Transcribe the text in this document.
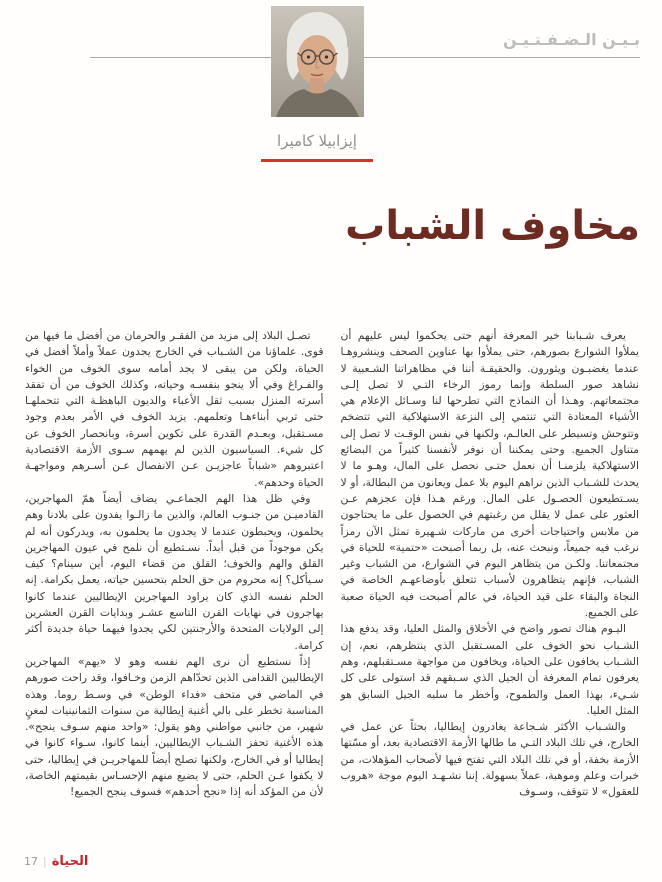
بـيـن الـضـفـتـيـن
إيزابيلا كاميرا
مخاوف الشباب

يعرف شـبابنا خير المعرفة أنهم حتى يحكموا ليس عليهم أن يملأوا الشوارع بصورهم، حتى يملأوا بها عناوين الصحف وينشروهـا عندما يغضبـون ويثورون. والحقيقـة أننا في مظاهراتنا الشـعبية لا نشاهد صور السلطة وإنما رموز الرخاء التـي لا تصل إلـى مجتمعاتهم. وهـذا أن النماذج التي تطرحها لنا وسـائل الإعلام هي الأشياء المعتادة التي تنتمي إلى النزعة الاستهلاكية التي تتضخم وتتوحش وتسيطر على العالـم، ولكنها في نفس الوقـت لا تصل إلى متناول الجميع. وحتى يمكننا أن نوفر لأنفسنا كثيراً من البضائع الاستهلاكية يلزمنـا أن نعمل حتـى نحصل على المال، وهـو ما لا يحدث للشـباب الذين نراهم اليوم بلا عمل ويعانون من البطالة، أو لا يسـتطيعون الحصـول على المال. ورغم هـذا فإن عجزهم عـن العثور على عمل لا يقلل من رغبتهم في الحصول على ما يحتاجون من ملابس واحتياجات أخرى من ماركات شـهيرة تمثل الآن رمزاً نرغب فيه جميعاً، ونبحث عنه، بل ربما أصبحت «حتمية» للحياة في مجتمعاتنا. ولكـن من يتظاهر اليوم في الشوارع، من الشباب وغير الشباب، فإنهم يتظاهرون لأسباب تتعلق بأوضاعهـم الخاصة في النجاة والبقاء على قيد الحياة، في عالم أصبحت فيه الحياة صعبة على الجميع.

اليـوم هناك تصور واضح في الأخلاق والمثل العليا، وقد يدفع هذا الشـباب نحو الخوف على المسـتقبل الذي ينتظرهم، نعم، إن الشـباب يخافون على الحياة، ويخافون من مواجهة مسـتقبلهم، وهم يعرفون تمام المعرفة أن الجيل الذي سـبقهم قد استولى على كل شـيء، بهذا العمل والطموح، وأخطر ما سلبه الجيل السابق هو المثل العليا.

والشـباب الأكثر شـجاعة يغادرون إيطاليا، بحثاً عن عمل في الخارج، في تلك البلاد التـي ما طالها الأزمة الاقتصادية بعد، أو مسّتها الأزمة بخفة، أو في تلك البلاد التي تفتح فيها لأصحاب المؤهلات، من خبرات وعلم وموهبة، عملاً بسهولة. إننا نشـهـد اليوم موجة «هروب للعقول» لا تتوقف، وسـوف

تصـل البلاد إلى مزيد من الفقـر والحرمان من أفضل ما فيها من قوى. علماؤنا من الشـباب في الخارج يجدون عملاً وأملاً أفضل في الحياة، ولكن من يبقى لا يجد أمامه سوى الخوف من الخواء والفـراغ وفي ألا ينجو بنفسـه وحياته، وكذلك الخوف من أن تفقد أسرته المنزل بسبب ثقل الأعباء والديون الباهظـة التي تتحملهـا حتى تربي أبناءهـا وتعلمهم. يزيد الخوف في الأمر بعدم وجود مسـتقبل، وبعـدم القدرة على تكوين أسرة، وبانحصار الخوف عن كل شيء. السياسيون الذين لم يهمهم سـوى الأزمة الاقتصادية اعتبروهم «شباباً عاجزيـن عـن الانفصال عـن أسـرهم ومواجهـة الحياة وحدهم».

وفي ظل هذا الهم الجماعـي يضاف أيضاً همّ المهاجرين، القادميـن من جنـوب العالم، والذين ما زالـوا يفدون على بلادنا وهم يحلمون، ويحبطون عندما لا يجدون ما يحلمون به، ويدركون أنه لم يكن موجوداً من قبل أبداً. نسـتطيع أن نلمح في عيون المهاجرين القلق والهم والخوف؛ القلق من قضاء اليوم، أين سينام؟ كيف سـيأكل؟ إنه محروم من حق الحلم بتحسين حياته، يعمل بكرامة. إنه الحلم نفسه الذي كان يراود المهاجرين الإيطاليين عندما كانوا يهاجرون في نهايات القرن التاسع عشـر وبدايات القرن العشرين إلى الولايات المتحدة والأرجنتين لكي يجدوا فيهما حياة جديدة أكثر كرامة.

إذاً نستطيع أن نرى الهم نفسه وهو لا «يهم» المهاجرين الإيطاليين القدامى الذين تحدّاهم الزمن وخـافوا، وقد راحت صورهم في الماضي في متحف «فداء الوطن» في وسـط روما. وهذه المناسبة تخطر على بالي أغنية إيطالية من سنوات الثمانينيات لمغنٍ شهير، من جانبي مواطني وهو يقول: «واحد منهم سـوف ينجح». هذه الأغنية تحفز الشـباب الإيطاليين، أينما كانوا، سـواء كانوا في إيطاليا أو في الخارج، ولكنها تصلح أيضاً للمهاجريـن في إيطاليا، حتى لا يكفوا عـن الحلم، حتى لا يضيع منهم الإحسـاس بقيمتهم الخاصة، لأن من المؤكد أنه إذا «نجح أحدهم» فسوف ينجح الجميع!

17 | الحياة
